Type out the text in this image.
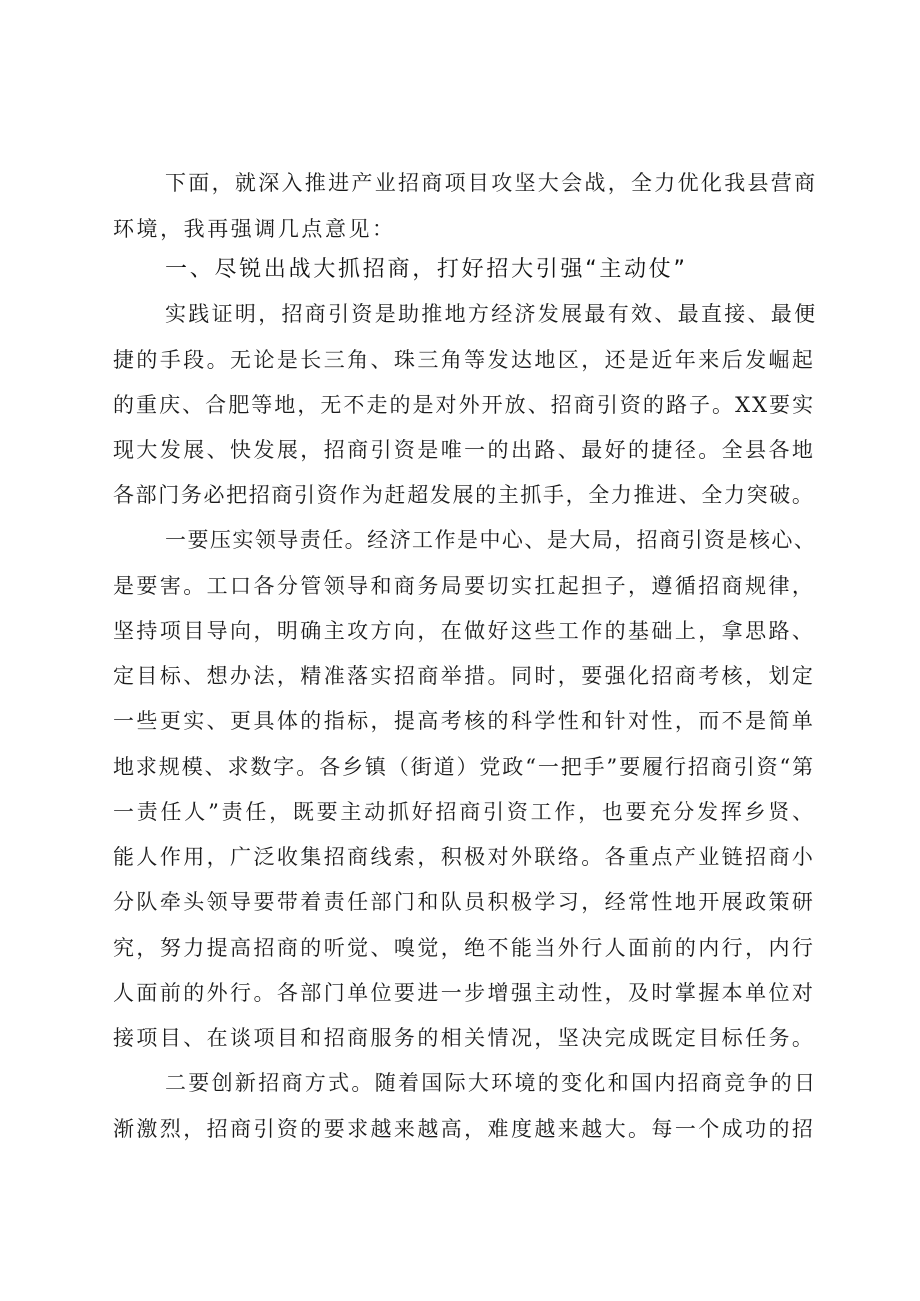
下面，就深入推进产业招商项目攻坚大会战，全力优化我县营商
环境，我再强调几点意见：
一、尽锐出战大抓招商，打好招大引强“主动仗”
实践证明，招商引资是助推地方经济发展最有效、最直接、最便
捷的手段。无论是长三角、珠三角等发达地区，还是近年来后发崛起
的重庆、合肥等地，无不走的是对外开放、招商引资的路子。XX要实
现大发展、快发展，招商引资是唯一的出路、最好的捷径。全县各地
各部门务必把招商引资作为赶超发展的主抓手，全力推进、全力突破。
一要压实领导责任。经济工作是中心、是大局，招商引资是核心、
是要害。工口各分管领导和商务局要切实扛起担子，遵循招商规律，
坚持项目导向，明确主攻方向，在做好这些工作的基础上，拿思路、
定目标、想办法，精准落实招商举措。同时，要强化招商考核，划定
一些更实、更具体的指标，提高考核的科学性和针对性，而不是简单
地求规模、求数字。各乡镇（街道）党政“一把手”要履行招商引资“第
一责任人”责任，既要主动抓好招商引资工作，也要充分发挥乡贤、
能人作用，广泛收集招商线索，积极对外联络。各重点产业链招商小
分队牵头领导要带着责任部门和队员积极学习，经常性地开展政策研
究，努力提高招商的听觉、嗅觉，绝不能当外行人面前的内行，内行
人面前的外行。各部门单位要进一步增强主动性，及时掌握本单位对
接项目、在谈项目和招商服务的相关情况，坚决完成既定目标任务。
二要创新招商方式。随着国际大环境的变化和国内招商竞争的日
渐激烈，招商引资的要求越来越高，难度越来越大。每一个成功的招
